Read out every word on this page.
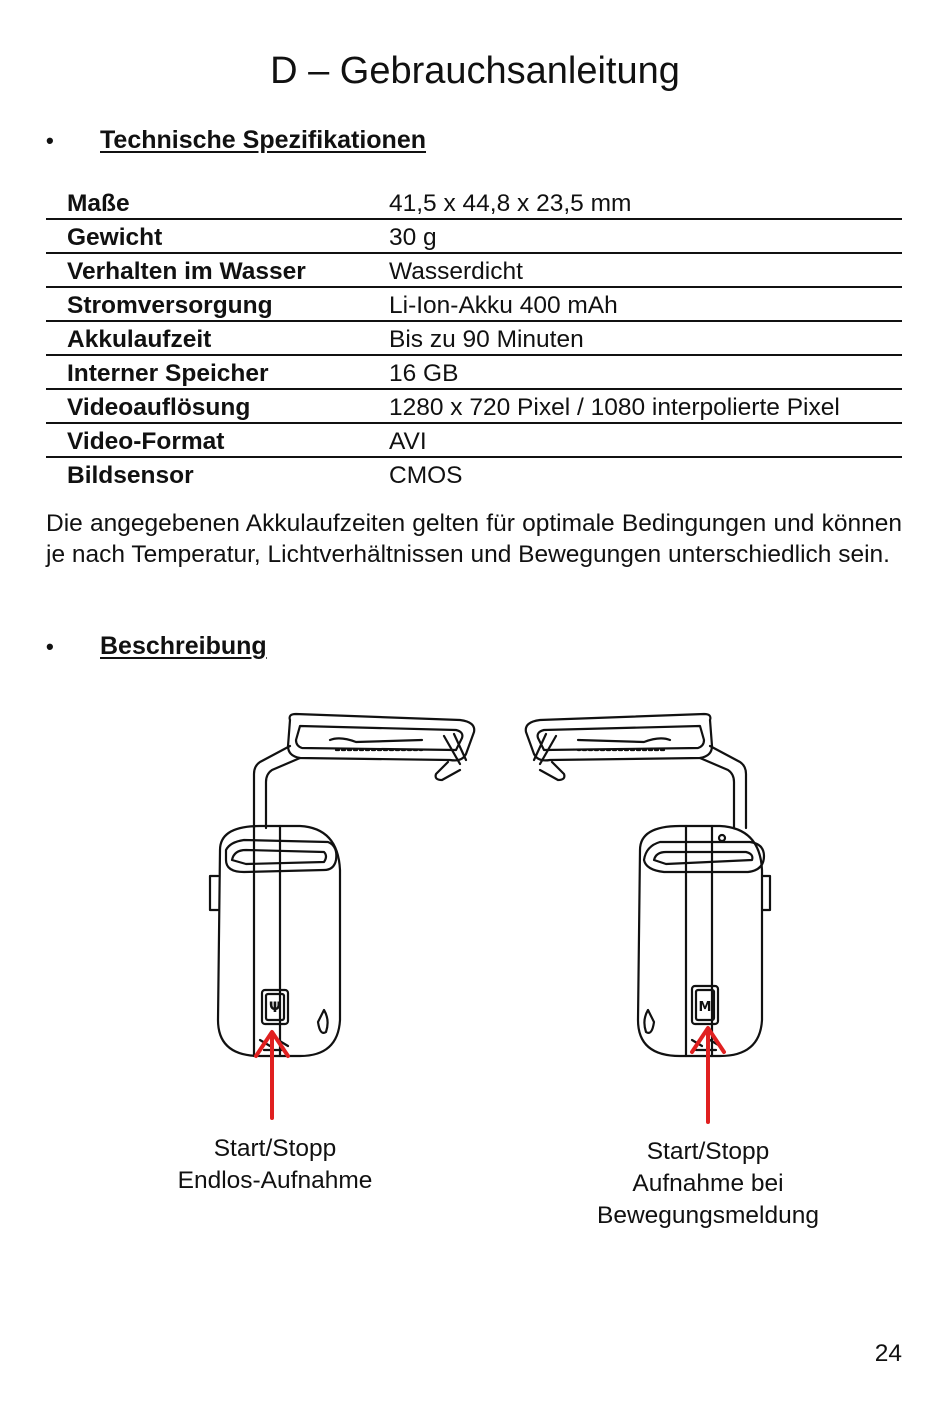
D – Gebrauchsanleitung
•	Technische Spezifikationen
Maße	41,5 x 44,8 x 23,5 mm
Gewicht	30 g
Verhalten im Wasser	Wasserdicht
Stromversorgung	Li-Ion-Akku 400 mAh
Akkulaufzeit	Bis zu 90 Minuten
Interner Speicher	16 GB
Videoauflösung	1280 x 720 Pixel / 1080 interpolierte Pixel
Video-Format	AVI
Bildsensor	CMOS
Die angegebenen Akkulaufzeiten gelten für optimale Bedingungen und können je nach Temperatur, Lichtverhältnissen und Bewegungen unterschiedlich sein.
•	Beschreibung
Ψ	M
Start/Stopp
Endlos-Aufnahme
Start/Stopp
Aufnahme bei
Bewegungsmeldung
24
